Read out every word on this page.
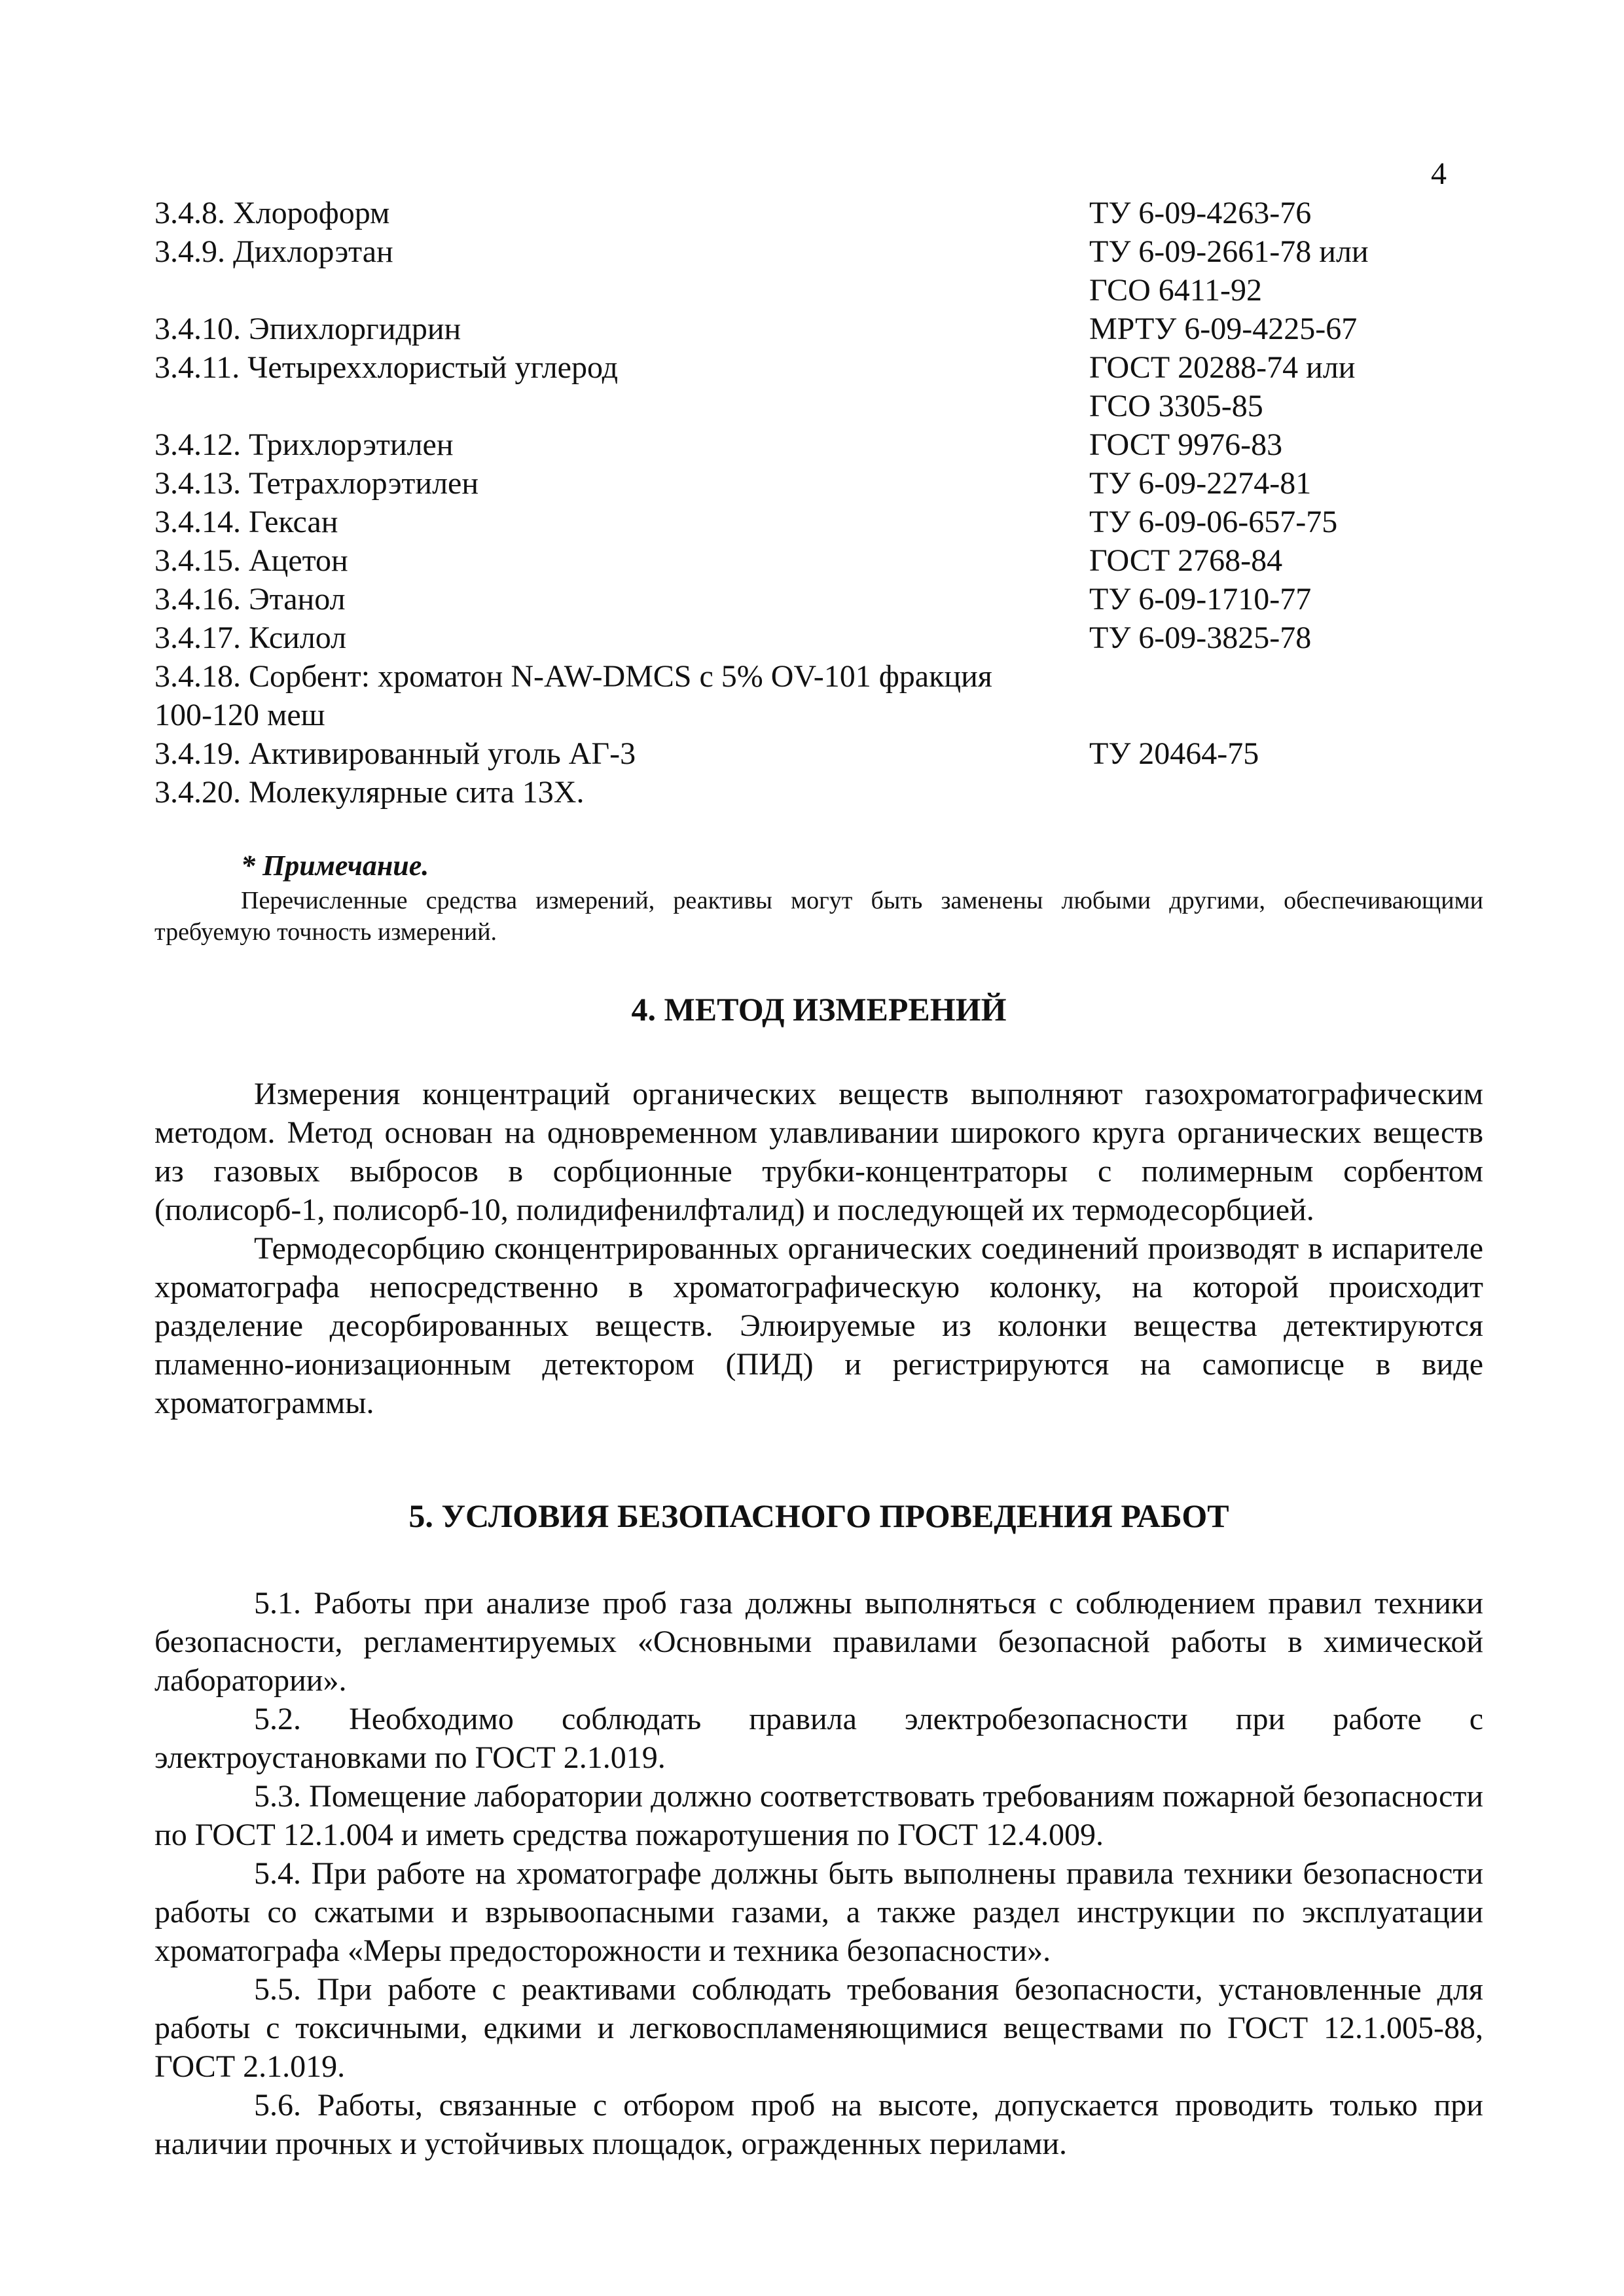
4
3.4.8. Хлороформ	ТУ 6-09-4263-76
3.4.9. Дихлорэтан	ТУ 6-09-2661-78 или
ГСО 6411-92
3.4.10. Эпихлоргидрин	МРТУ 6-09-4225-67
3.4.11. Четыреххлористый углерод	ГОСТ 20288-74 или
ГСО 3305-85
3.4.12. Трихлорэтилен	ГОСТ 9976-83
3.4.13. Тетрахлорэтилен	ТУ 6-09-2274-81
3.4.14. Гексан	ТУ 6-09-06-657-75
3.4.15. Ацетон	ГОСТ 2768-84
3.4.16. Этанол	ТУ 6-09-1710-77
3.4.17. Ксилол	ТУ 6-09-3825-78
3.4.18. Сорбент: хроматон N-AW-DMCS с 5% OV-101 фракция
100-120 меш
3.4.19. Активированный уголь АГ-3	ТУ 20464-75
3.4.20. Молекулярные сита 13Х.
* Примечание.
Перечисленные средства измерений, реактивы могут быть заменены любыми другими, обеспечивающими требуемую точность измерений.
4. МЕТОД ИЗМЕРЕНИЙ
Измерения концентраций органических веществ выполняют газохроматографическим методом. Метод основан на одновременном улавливании широкого круга органических веществ из газовых выбросов в сорбционные трубки-концентраторы с полимерным сорбентом (полисорб-1, полисорб-10, полидифенилфталид) и последующей их термодесорбцией.
Термодесорбцию сконцентрированных органических соединений производят в испарителе хроматографа непосредственно в хроматографическую колонку, на которой происходит разделение десорбированных веществ. Элюируемые из колонки вещества детектируются пламенно-ионизационным детектором (ПИД) и регистрируются на самописце в виде хроматограммы.
5. УСЛОВИЯ БЕЗОПАСНОГО ПРОВЕДЕНИЯ РАБОТ
5.1. Работы при анализе проб газа должны выполняться с соблюдением правил техники безопасности, регламентируемых «Основными правилами безопасной работы в химической лаборатории».
5.2. Необходимо соблюдать правила электробезопасности при работе с электроустановками по ГОСТ 2.1.019.
5.3. Помещение лаборатории должно соответствовать требованиям пожарной безопасности по ГОСТ 12.1.004 и иметь средства пожаротушения по ГОСТ 12.4.009.
5.4. При работе на хроматографе должны быть выполнены правила техники безопасности работы со сжатыми и взрывоопасными газами, а также раздел инструкции по эксплуатации хроматографа «Меры предосторожности и техника безопасности».
5.5. При работе с реактивами соблюдать требования безопасности, установленные для работы с токсичными, едкими и легковоспламеняющимися веществами по ГОСТ 12.1.005-88, ГОСТ 2.1.019.
5.6. Работы, связанные с отбором проб на высоте, допускается проводить только при наличии прочных и устойчивых площадок, огражденных перилами.
